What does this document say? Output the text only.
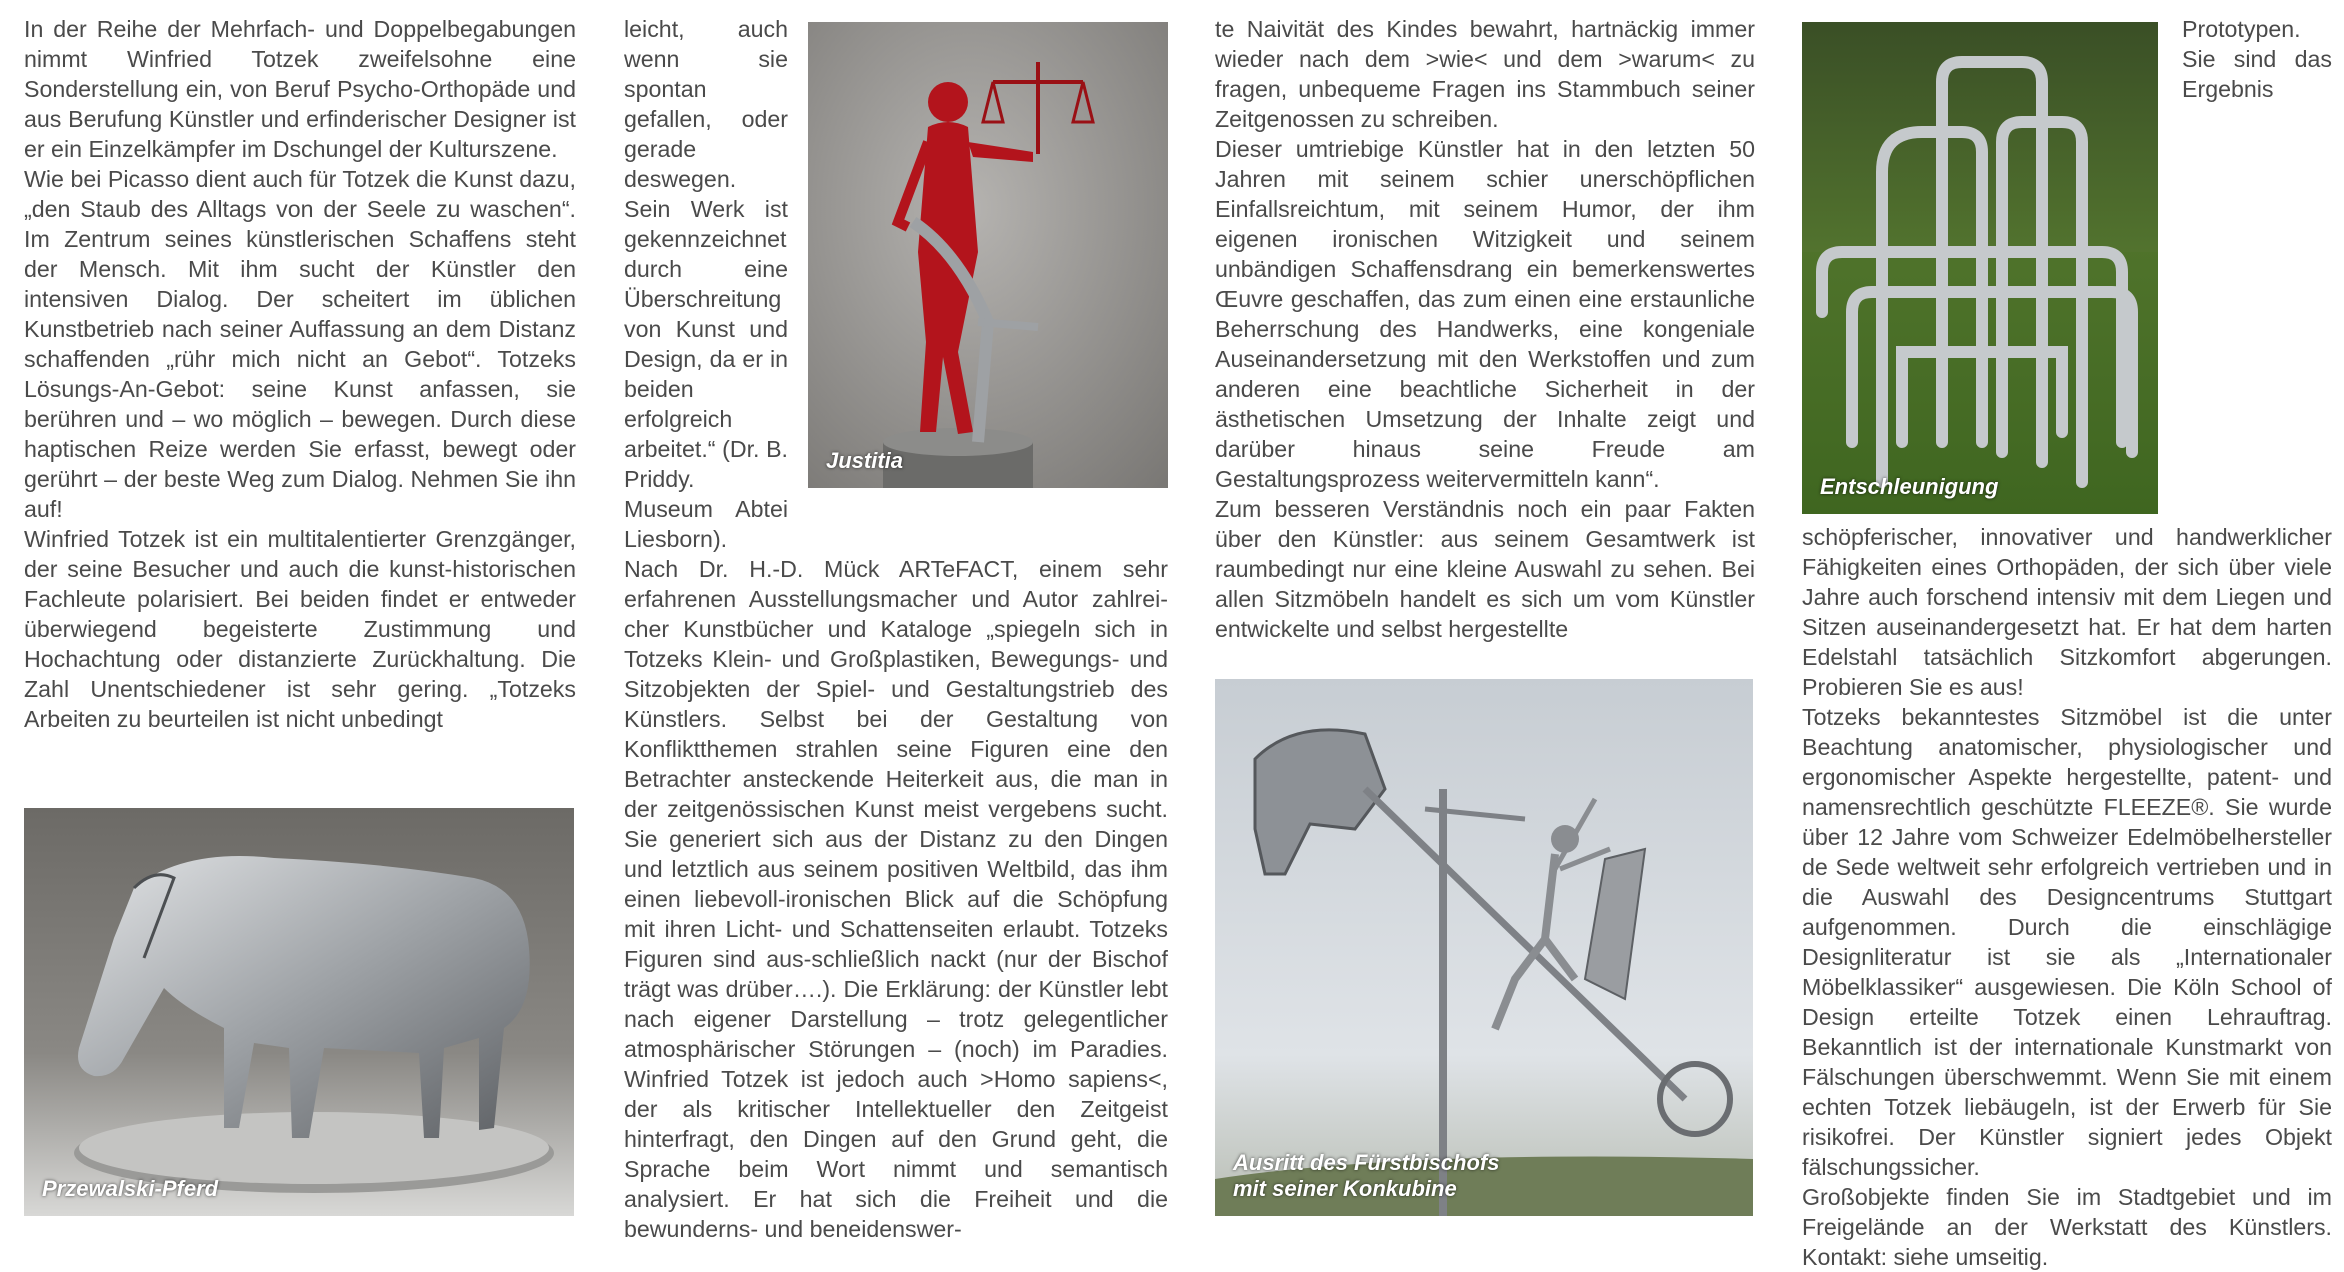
In der Reihe der Mehrfach- und Doppelbegabungen nimmt Winfried Totzek zweifelsohne eine Sonderstellung ein, von Beruf Psycho-Orthopäde und aus Berufung Künstler und erfinderischer Designer ist er ein Einzelkämpfer im Dschungel der Kulturszene.

Wie bei Picasso dient auch für Totzek die Kunst dazu, „den Staub des Alltags von der Seele zu waschen“. Im Zentrum seines künstlerischen Schaffens steht der Mensch. Mit ihm sucht der Künstler den intensiven Dialog. Der scheitert im üblichen Kunstbetrieb nach seiner Auffassung an dem Distanz schaffenden „rühr mich nicht an Gebot“. Totzeks Lösungs-An-Gebot: seine Kunst anfassen, sie berühren und – wo möglich – bewegen. Durch diese haptischen Reize werden Sie erfasst, bewegt oder gerührt – der beste Weg zum Dialog. Nehmen Sie ihn auf!

Winfried Totzek ist ein multitalentierter Grenzgänger, der seine Besucher und auch die kunst-historischen Fachleute polarisiert. Bei beiden findet er entweder überwiegend begeisterte Zustimmung und Hochachtung oder distanzierte Zurückhaltung. Die Zahl Unentschiedener ist sehr gering. „Totzeks Arbeiten zu beurteilen ist nicht unbedingt

Przewalski-Pferd
Justitia

leicht, auch wenn sie spontan gefallen, oder gerade deswegen. Sein Werk ist gekennzeichnet durch eine Überschreitung von Kunst und Design, da er in beiden erfolgreich arbeitet.“ (Dr. B. Priddy. Museum Abtei Liesborn).

Nach Dr. H.-D. Mück ARTeFACT, einem sehr erfahrenen Ausstellungsmacher und Autor zahlrei-cher Kunstbücher und Kataloge „spiegeln sich in Totzeks Klein- und Großplastiken, Bewegungs- und Sitzobjekten der Spiel- und Gestaltungstrieb des Künstlers. Selbst bei der Gestaltung von Konfliktthemen strahlen seine Figuren eine den Betrachter ansteckende Heiterkeit aus, die man in der zeitgenössischen Kunst meist vergebens sucht. Sie generiert sich aus der Distanz zu den Dingen und letztlich aus seinem positiven Weltbild, das ihm einen liebevoll-ironischen Blick auf die Schöpfung mit ihren Licht- und Schattenseiten erlaubt. Totzeks Figuren sind aus-schließlich nackt (nur der Bischof trägt was drüber….). Die Erklärung: der Künstler lebt nach eigener Darstellung – trotz gelegentlicher atmosphärischer Störungen – (noch) im Paradies. Winfried Totzek ist jedoch auch >Homo sapiens<, der als kritischer Intellektueller den Zeitgeist hinterfragt, den Dingen auf den Grund geht, die Sprache beim Wort nimmt und semantisch analysiert. Er hat sich die Freiheit und die bewunderns- und beneidenswer-

te Naivität des Kindes bewahrt, hartnäckig immer wieder nach dem >wie< und dem >warum< zu fragen, unbequeme Fragen ins Stammbuch seiner Zeitgenossen zu schreiben.

Dieser umtriebige Künstler hat in den letzten 50 Jahren mit seinem schier unerschöpflichen Einfallsreichtum, mit seinem Humor, der ihm eigenen ironischen Witzigkeit und seinem unbändigen Schaffensdrang ein bemerkenswertes Œuvre geschaffen, das zum einen eine erstaunliche Beherrschung des Handwerks, eine kongeniale Auseinandersetzung mit den Werkstoffen und zum anderen eine beachtliche Sicherheit in der ästhetischen Umsetzung der Inhalte zeigt und darüber hinaus seine Freude am Gestaltungsprozess weitervermitteln kann“.

Zum besseren Verständnis noch ein paar Fakten über den Künstler: aus seinem Gesamtwerk ist raumbedingt nur eine kleine Auswahl zu sehen. Bei allen Sitzmöbeln handelt es sich um vom Künstler entwickelte und selbst hergestellte

Ausritt des Fürstbischofs
mit seiner Konkubine
Entschleunigung

Prototypen. Sie sind das Ergebnis schöpferischer, innovativer und handwerklicher Fähigkeiten eines Orthopäden, der sich über viele Jahre auch forschend intensiv mit dem Liegen und Sitzen auseinandergesetzt hat. Er hat dem harten Edelstahl tatsächlich Sitzkomfort abgerungen. Probieren Sie es aus!

Totzeks bekanntestes Sitzmöbel ist die unter Beachtung anatomischer, physiologischer und ergonomischer Aspekte hergestellte, patent- und namensrechtlich geschützte FLEEZE®. Sie wurde über 12 Jahre vom Schweizer Edelmöbelhersteller de Sede weltweit sehr erfolgreich vertrieben und in die Auswahl des Designcentrums Stuttgart aufgenommen. Durch die einschlägige Designliteratur ist sie als „Internationaler Möbelklassiker“ ausgewiesen. Die Köln School of Design erteilte Totzek einen Lehrauftrag. Bekanntlich ist der internationale Kunstmarkt von Fälschungen überschwemmt. Wenn Sie mit einem echten Totzek liebäugeln, ist der Erwerb für Sie risikofrei. Der Künstler signiert jedes Objekt fälschungssicher.

Großobjekte finden Sie im Stadtgebiet und im Freigelände an der Werkstatt des Künstlers. Kontakt: siehe umseitig.
